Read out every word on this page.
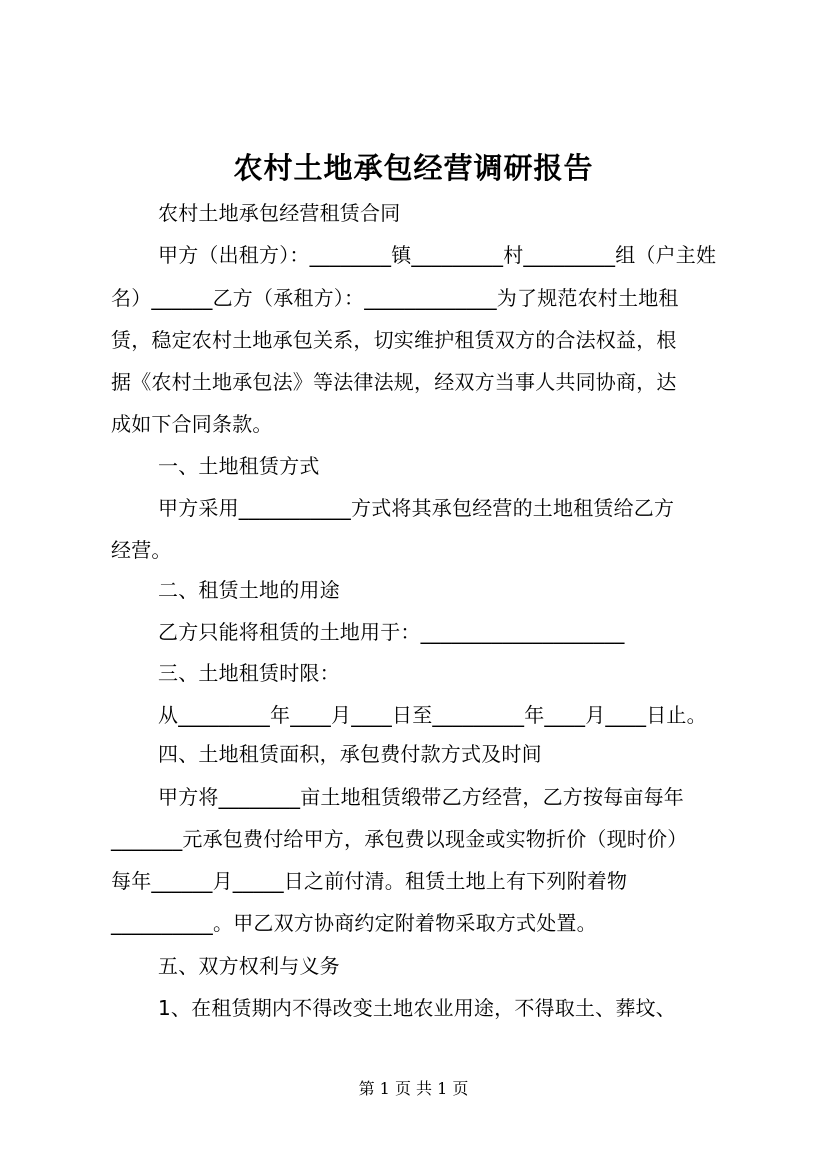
农村土地承包经营调研报告
农村土地承包经营租赁合同
甲方（出租方）：________镇_________村_________组（户主姓
名）______乙方（承租方）：_____________为了规范农村土地租
赁，稳定农村土地承包关系，切实维护租赁双方的合法权益，根
据《农村土地承包法》等法律法规，经双方当事人共同协商，达
成如下合同条款。
一、土地租赁方式
甲方采用___________方式将其承包经营的土地租赁给乙方
经营。
二、租赁土地的用途
乙方只能将租赁的土地用于：____________________
三、土地租赁时限：
从_________年____月____日至_________年____月____日止。
四、土地租赁面积，承包费付款方式及时间
甲方将________亩土地租赁缎带乙方经营，乙方按每亩每年
_______元承包费付给甲方，承包费以现金或实物折价（现时价）
每年______月_____日之前付清。租赁土地上有下列附着物
__________。甲乙双方协商约定附着物采取方式处置。
五、双方权利与义务
1、在租赁期内不得改变土地农业用途，不得取土、葬坟、
第 1 页 共 1 页
